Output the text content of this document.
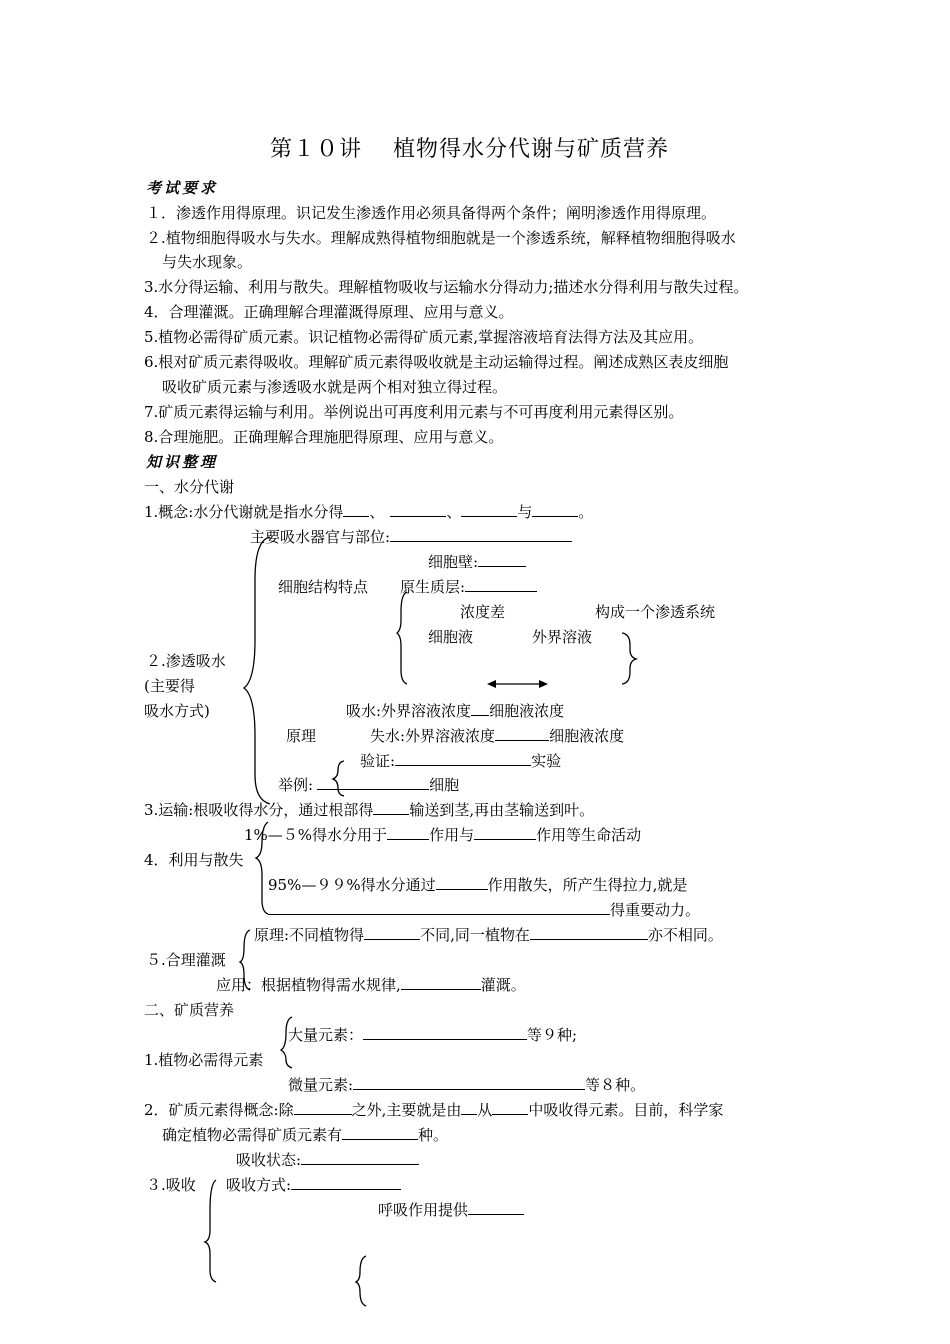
第１０讲　 植物得水分代谢与矿质营养
考试要求
１．渗透作用得原理。识记发生渗透作用必须具备得两个条件；阐明渗透作用得原理。
２.植物细胞得吸水与失水。理解成熟得植物细胞就是一个渗透系统，解释植物细胞得吸水
与失水现象。
3.水分得运输、利用与散失。理解植物吸收与运输水分得动力;描述水分得利用与散失过程。
4．合理灌溉。正确理解合理灌溉得原理、应用与意义。
5.植物必需得矿质元素。识记植物必需得矿质元素,掌握溶液培育法得方法及其应用。
6.根对矿质元素得吸收。理解矿质元素得吸收就是主动运输得过程。阐述成熟区表皮细胞
吸收矿质元素与渗透吸水就是两个相对独立得过程。
7.矿质元素得运输与利用。举例说出可再度利用元素与不可再度利用元素得区别。
8.合理施肥。正确理解合理施肥得原理、应用与意义。
知识整理
一、水分代谢
1.概念:水分代谢就是指水分得 、	、	与	。
主要吸水器官与部位:
细胞壁:
细胞结构特点 原生质层:
浓度差	构成一个渗透系统
细胞液	外界溶液
２.渗透吸水
(主要得
吸水方式)	吸水:外界溶液浓度 细胞液浓度
原理	失水:外界溶液浓度	细胞液浓度
验证:	实验
举例:	细胞
3.运输:根吸收得水分，通过根部得 输送到茎,再由茎输送到叶。
1%—５%得水分用于	作用与	作用等生命活动
4．利用与散失
95%—９９%得水分通过	作用散失，所产生得拉力,就是
得重要动力。
原理:不同植物得	不同,同一植物在	亦不相同。
５.合理灌溉
应用：根据植物得需水规律,	灌溉。
二、矿质营养
大量元素：	等９种;
1.植物必需得元素
微量元素:	等８种。
2．矿质元素得概念:除	之外,主要就是由 从 中吸收得元素。目前，科学家
确定植物必需得矿质元素有	种。
吸收状态:
３.吸收 吸收方式:
呼吸作用提供
